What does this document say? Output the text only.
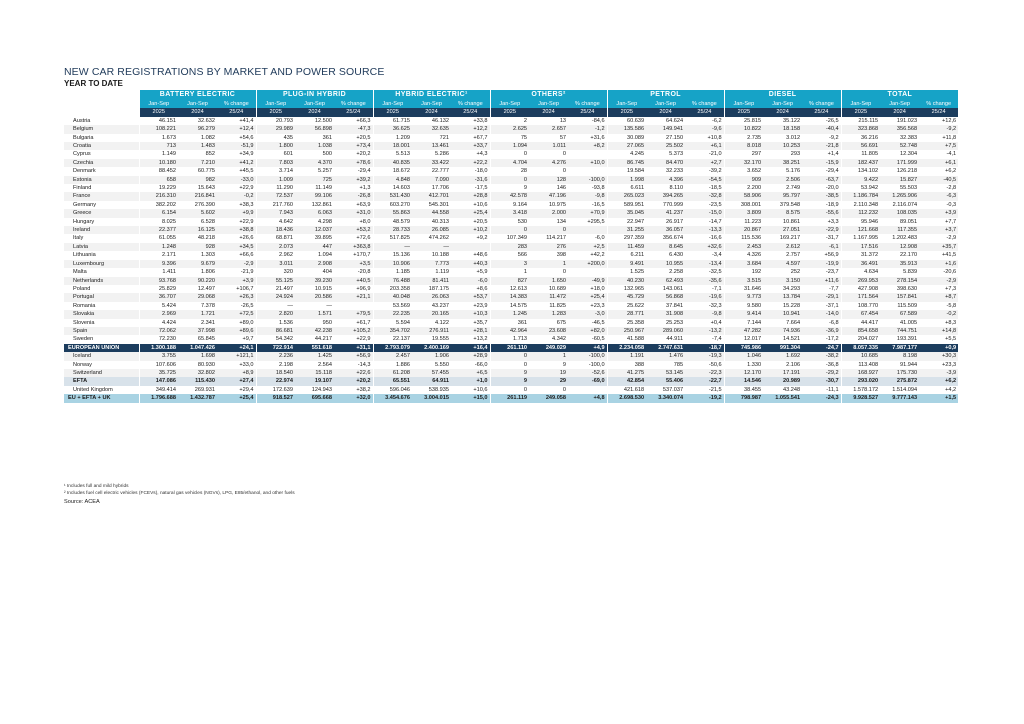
NEW CAR REGISTRATIONS BY MARKET AND POWER SOURCE
YEAR TO DATE
	BATTERY ELECTRIC			PLUG-IN HYBRID			HYBRID ELECTRIC¹			OTHERS²			PETROL			DIESEL			TOTAL		
	Jan-Sep	Jan-Sep	% change	Jan-Sep	Jan-Sep	% change	Jan-Sep	Jan-Sep	% change	Jan-Sep	Jan-Sep	% change	Jan-Sep	Jan-Sep	% change	Jan-Sep	Jan-Sep	% change	Jan-Sep	Jan-Sep	% change
	2025	2024	25/24	2025	2024	25/24	2025	2024	25/24	2025	2024	25/24	2025	2024	25/24	2025	2024	25/24	2025	2024	25/24
Austria	46.151	32.632	+41,4	20.793	12.500	+66,3	61.715	46.132	+33,8	2	13	-84,6	60.639	64.624	-6,2	25.815	35.122	-26,5	215.115	191.023	+12,6
Belgium	108.221	96.279	+12,4	29.989	56.898	-47,3	36.625	32.635	+12,2	2.625	2.657	-1,2	135.586	149.941	-9,6	10.822	18.158	-40,4	323.868	356.568	-9,2
Bulgaria	1.673	1.082	+54,6	435	361	+20,5	1.209	721	+67,7	75	57	+31,6	30.089	27.150	+10,8	2.735	3.012	-9,2	36.216	32.383	+11,8
Croatia	713	1.483	-51,9	1.800	1.038	+73,4	18.001	13.461	+33,7	1.094	1.011	+8,2	27.065	25.502	+6,1	8.018	10.253	-21,8	56.691	52.748	+7,5
Cyprus	1.149	852	+34,9	601	500	+20,2	5.513	5.286	+4,3	0	0		4.245	5.373	-21,0	297	293	+1,4	11.805	12.304	-4,1
Czechia	10.180	7.210	+41,2	7.803	4.370	+78,6	40.835	33.422	+22,2	4.704	4.276	+10,0	86.745	84.470	+2,7	32.170	38.251	-15,9	182.437	171.999	+6,1
Denmark	88.452	60.775	+45,5	3.714	5.257	-29,4	18.672	22.777	-18,0	28	0		19.584	32.233	-39,2	3.652	5.176	-29,4	134.102	126.218	+6,2
Estonia	658	982	-33,0	1.009	725	+39,2	4.848	7.090	-31,6	0	128	-100,0	1.998	4.396	-54,5	909	2.506	-63,7	9.422	15.827	-40,5
Finland	19.229	15.643	+22,9	11.290	11.149	+1,3	14.603	17.706	-17,5	9	146	-93,8	6.611	8.110	-18,5	2.200	2.749	-20,0	53.942	55.503	-2,8
France	216.310	216.841	-0,2	72.537	99.106	-26,8	531.430	412.701	+28,8	42.578	47.196	-9,8	265.023	394.265	-32,8	58.906	95.797	-38,5	1.186.784	1.265.906	-6,3
Germany	382.202	276.390	+38,3	217.760	132.861	+63,9	603.270	545.301	+10,6	9.164	10.975	-16,5	589.951	770.999	-23,5	308.001	379.548	-18,9	2.110.348	2.116.074	-0,3
Greece	6.154	5.602	+9,9	7.943	6.063	+31,0	55.863	44.558	+25,4	3.418	2.000	+70,9	35.045	41.237	-15,0	3.809	8.575	-55,6	112.232	108.035	+3,9
Hungary	8.025	6.528	+22,9	4.642	4.298	+8,0	48.579	40.313	+20,5	530	134	+295,5	22.947	26.917	-14,7	11.223	10.861	+3,3	95.946	89.051	+7,7
Ireland	22.377	16.125	+38,8	18.436	12.037	+53,2	28.733	26.085	+10,2	0	0		31.255	36.057	-13,3	20.867	27.051	-22,9	121.668	117.355	+3,7
Italy	61.055	48.218	+26,6	68.871	39.895	+72,6	517.825	474.262	+9,2	107.349	114.217	-6,0	297.359	356.674	-16,6	115.536	169.217	-31,7	1.167.995	1.202.483	-2,9
Latvia	1.248	928	+34,5	2.073	447	+363,8	—	—		283	276	+2,5	11.459	8.645	+32,6	2.453	2.612	-6,1	17.516	12.908	+35,7
Lithuania	2.171	1.303	+66,6	2.962	1.094	+170,7	15.136	10.188	+48,6	566	398	+42,2	6.211	6.430	-3,4	4.326	2.757	+56,9	31.372	22.170	+41,5
Luxembourg	9.396	9.679	-2,9	3.011	2.908	+3,5	10.906	7.773	+40,3	3	1	+200,0	9.491	10.955	-13,4	3.684	4.597	-19,9	36.491	35.913	+1,6
Malta	1.411	1.806	-21,9	320	404	-20,8	1.185	1.119	+5,9	1	0		1.525	2.258	-32,5	192	252	-23,7	4.634	5.839	-20,6
Netherlands	93.768	90.220	+3,9	55.125	39.230	+40,5	76.488	81.411	-6,0	827	1.650	-49,9	40.230	62.493	-35,6	3.515	3.150	+11,6	269.953	278.154	-2,9
Poland	25.829	12.497	+106,7	21.497	10.915	+96,9	203.358	187.175	+8,6	12.613	10.689	+18,0	132.965	143.061	-7,1	31.646	34.293	-7,7	427.908	398.630	+7,3
Portugal	36.707	29.068	+26,3	24.924	20.586	+21,1	40.048	26.063	+53,7	14.383	11.472	+25,4	45.729	56.868	-19,6	9.773	13.784	-29,1	171.564	157.841	+8,7
Romania	5.424	7.378	-26,5	—	—		53.569	43.237	+23,9	14.575	11.825	+23,3	25.622	37.841	-32,3	9.580	15.228	-37,1	108.770	115.509	-5,8
Slovakia	2.969	1.721	+72,5	2.820	1.571	+79,5	22.235	20.165	+10,3	1.245	1.283	-3,0	28.771	31.908	-9,8	9.414	10.941	-14,0	67.454	67.589	-0,2
Slovenia	4.424	2.341	+89,0	1.536	950	+61,7	5.594	4.122	+35,7	361	675	-46,5	25.358	25.253	+0,4	7.144	7.664	-6,8	44.417	41.005	+8,3
Spain	72.062	37.998	+89,6	86.681	42.238	+105,2	354.702	276.911	+28,1	42.964	23.608	+82,0	250.967	289.060	-13,2	47.282	74.936	-36,9	854.658	744.751	+14,8
Sweden	72.230	65.845	+9,7	54.342	44.217	+22,9	22.137	19.555	+13,2	1.713	4.342	-60,5	41.588	44.911	-7,4	12.017	14.521	-17,2	204.027	193.391	+5,5
EUROPEAN UNION	1.300.188	1.047.426	+24,1	722.914	551.618	+31,1	2.793.079	2.400.169	+16,4	261.110	249.029	+4,9	2.234.058	2.747.631	-18,7	745.986	991.304	-24,7	8.057.335	7.987.177	+0,9
Iceland	3.755	1.698	+121,1	2.236	1.425	+56,9	2.457	1.906	+28,9	0	1	-100,0	1.191	1.476	-19,3	1.046	1.692	-38,2	10.685	8.198	+30,3
Norway	107.606	80.930	+33,0	2.198	2.564	-14,3	1.886	5.550	-66,0	0	9	-100,0	388	785	-50,6	1.330	2.106	-36,8	113.408	91.944	+23,3
Switzerland	35.725	32.802	+8,9	18.540	15.118	+22,6	61.208	57.455	+6,5	9	19	-52,6	41.275	53.145	-22,3	12.170	17.191	-29,2	168.927	175.730	-3,9
EFTA	147.086	115.430	+27,4	22.974	19.107	+20,2	65.551	64.911	+1,0	9	29	-69,0	42.854	55.406	-22,7	14.546	20.989	-30,7	293.020	275.872	+6,2
United Kingdom	349.414	269.931	+29,4	172.639	124.943	+38,2	596.046	538.935	+10,6	0	0		421.618	537.037	-21,5	38.455	43.248	-11,1	1.578.172	1.514.094	+4,2
EU + EFTA + UK	1.796.688	1.432.787	+25,4	918.527	695.668	+32,0	3.454.676	3.004.015	+15,0	261.119	249.058	+4,8	2.698.530	3.340.074	-19,2	798.987	1.055.541	-24,3	9.928.527	9.777.143	+1,5
¹ Includes full and mild hybrids
² Includes fuel cell electric vehicles (FCEVs), natural gas vehicles (NGVs), LPG, E85/ethanol, and other fuels
Source: ACEA
